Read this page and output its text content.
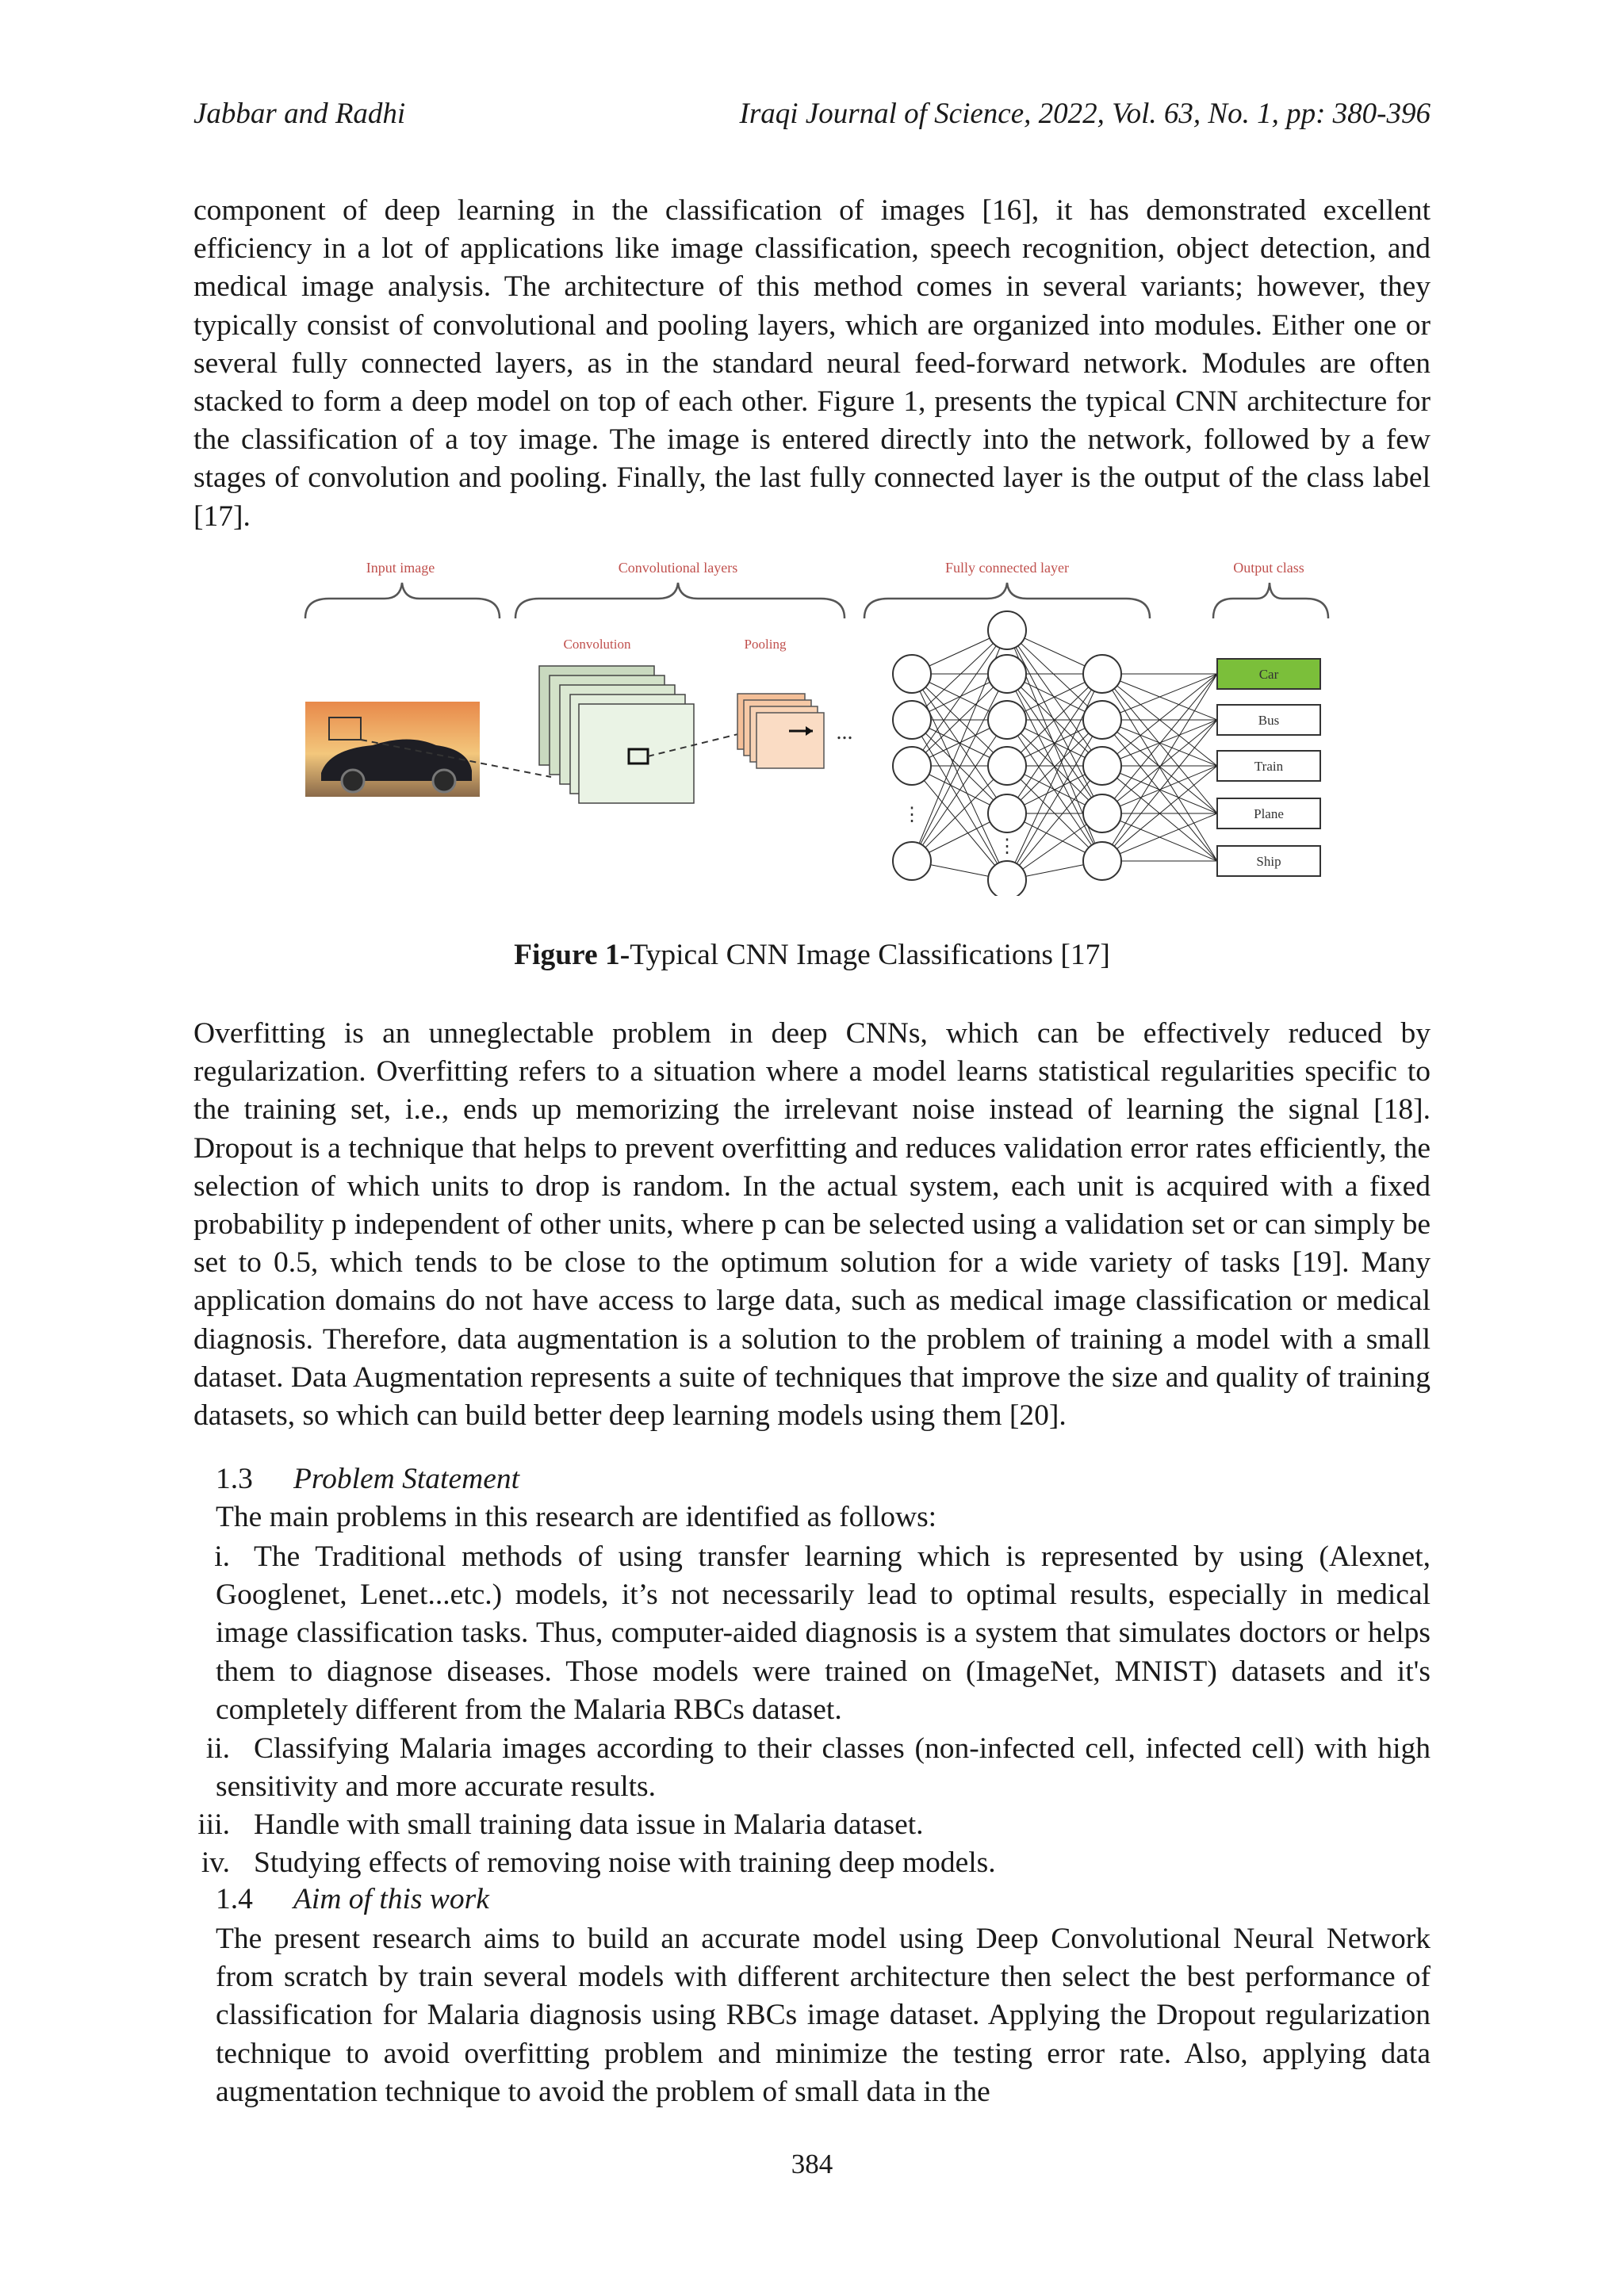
Jabbar and Radhi	Iraqi Journal of Science, 2022, Vol. 63, No. 1, pp: 380-396

component of deep learning in the classification of images [16], it has demonstrated excellent efficiency in a lot of applications like image classification, speech recognition, object detection, and medical image analysis. The architecture of this method comes in several variants; however, they typically consist of convolutional and pooling layers, which are organized into modules. Either one or several fully connected layers, as in the standard neural feed-forward network. Modules are often stacked to form a deep model on top of each other. Figure 1, presents the typical CNN architecture for the classification of a toy image. The image is entered directly into the network, followed by a few stages of convolution and pooling. Finally, the last fully connected layer is the output of the class label [17].

Input image	Convolutional layers	Fully connected layer	Output class
Convolution	Pooling
...
⋮
⋮
Car
Bus
Train
Plane
Ship
Figure 1-Typical CNN Image Classifications [17]

Overfitting is an unneglectable problem in deep CNNs, which can be effectively reduced by regularization. Overfitting refers to a situation where a model learns statistical regularities specific to the training set, i.e., ends up memorizing the irrelevant noise instead of learning the signal [18]. Dropout is a technique that helps to prevent overfitting and reduces validation error rates efficiently, the selection of which units to drop is random. In the actual system, each unit is acquired with a fixed probability p independent of other units, where p can be selected using a validation set or can simply be set to 0.5, which tends to be close to the optimum solution for a wide variety of tasks [19]. Many application domains do not have access to large data, such as medical image classification or medical diagnosis. Therefore, data augmentation is a solution to the problem of training a model with a small dataset. Data Augmentation represents a suite of techniques that improve the size and quality of training datasets, so which can build better deep learning models using them [20].

1.3 Problem Statement
The main problems in this research are identified as follows:
i. The Traditional methods of using transfer learning which is represented by using (Alexnet, Googlenet, Lenet...etc.) models, it’s not necessarily lead to optimal results, especially in medical image classification tasks. Thus, computer-aided diagnosis is a system that simulates doctors or helps them to diagnose diseases. Those models were trained on (ImageNet, MNIST) datasets and it's completely different from the Malaria RBCs dataset.
ii. Classifying Malaria images according to their classes (non-infected cell, infected cell) with high sensitivity and more accurate results.
iii. Handle with small training data issue in Malaria dataset.
iv. Studying effects of removing noise with training deep models.
1.4 Aim of this work

The present research aims to build an accurate model using Deep Convolutional Neural Network from scratch by train several models with different architecture then select the best performance of classification for Malaria diagnosis using RBCs image dataset. Applying the Dropout regularization technique to avoid overfitting problem and minimize the testing error rate. Also, applying data augmentation technique to avoid the problem of small data in the

384
